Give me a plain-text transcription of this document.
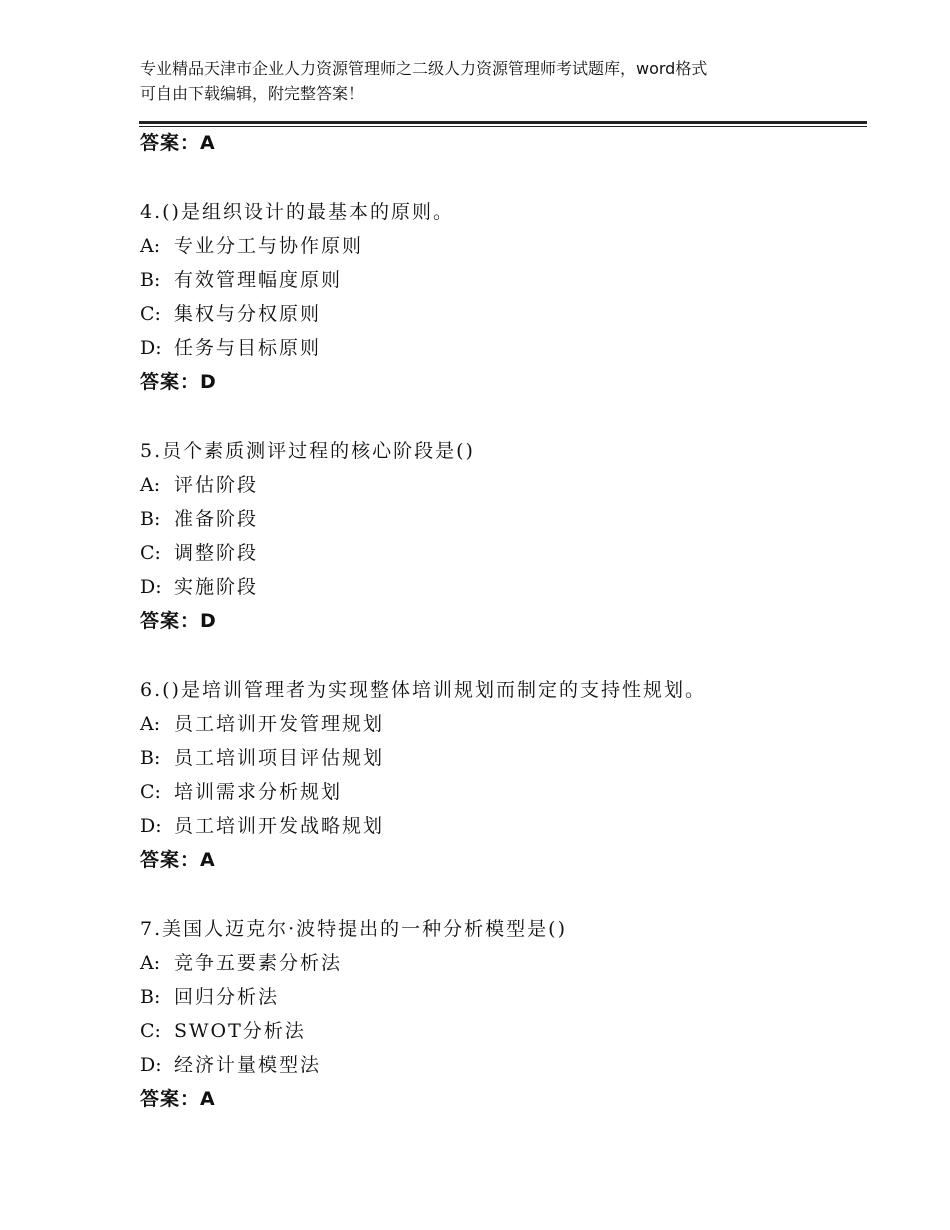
专业精品天津市企业人力资源管理师之二级人力资源管理师考试题库，word格式
可自由下载编辑，附完整答案！
答案：A
4.()是组织设计的最基本的原则。
A: 专业分工与协作原则
B: 有效管理幅度原则
C: 集权与分权原则
D: 任务与目标原则
答案：D
5.员个素质测评过程的核心阶段是()
A: 评估阶段
B: 准备阶段
C: 调整阶段
D: 实施阶段
答案：D
6.()是培训管理者为实现整体培训规划而制定的支持性规划。
A: 员工培训开发管理规划
B: 员工培训项目评估规划
C: 培训需求分析规划
D: 员工培训开发战略规划
答案：A
7.美国人迈克尔·波特提出的一种分析模型是()
A: 竞争五要素分析法
B: 回归分析法
C: SWOT分析法
D: 经济计量模型法
答案：A
